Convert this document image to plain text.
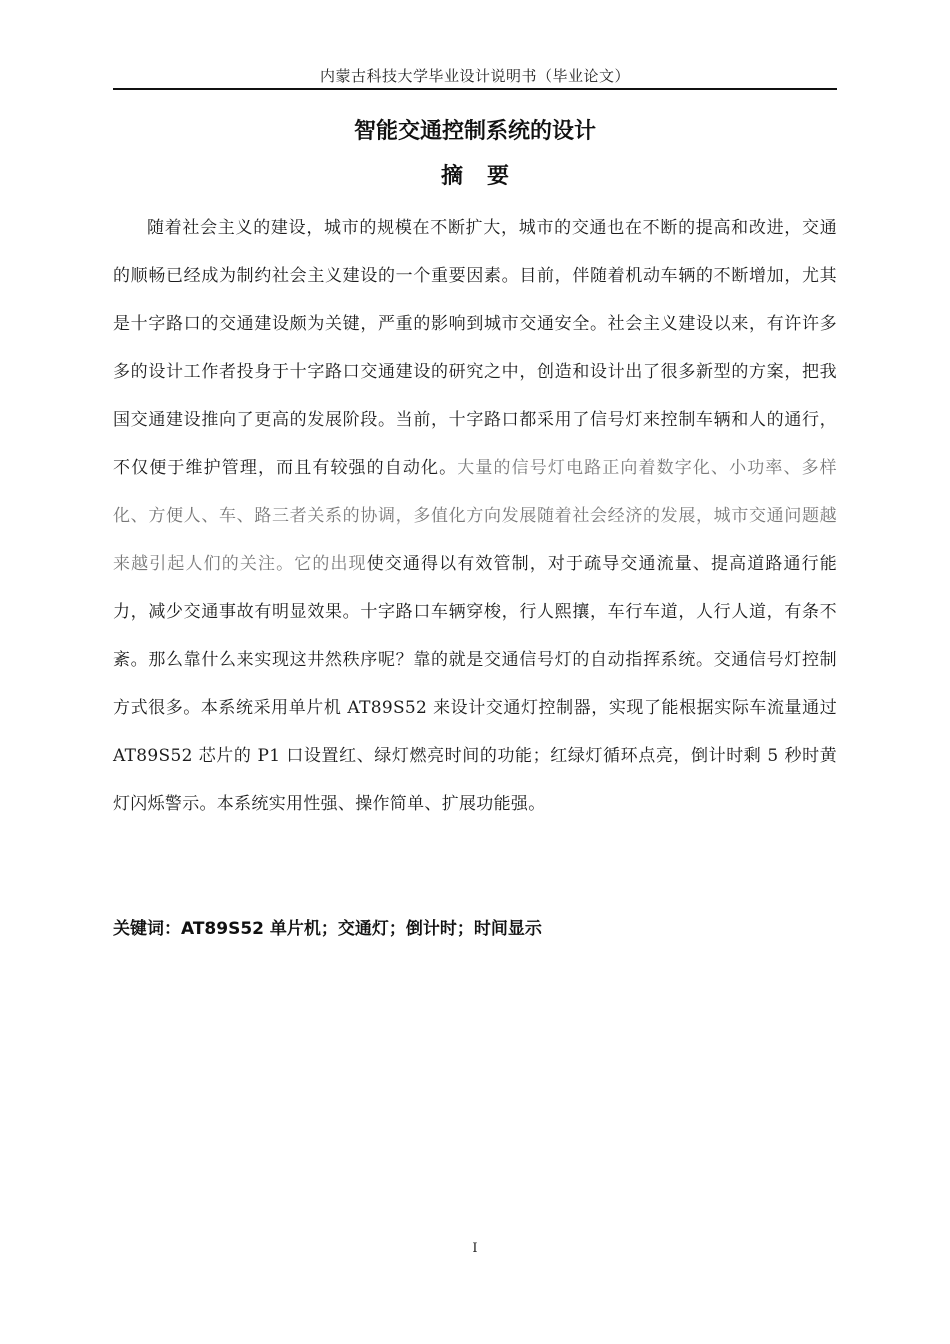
内蒙古科技大学毕业设计说明书（毕业论文）
智能交通控制系统的设计
摘要

随着社会主义的建设，城市的规模在不断扩大，城市的交通也在不断的提高和改进，交通的顺畅已经成为制约社会主义建设的一个重要因素。目前，伴随着机动车辆的不断增加，尤其是十字路口的交通建设颇为关键，严重的影响到城市交通安全。社会主义建设以来，有许许多多的设计工作者投身于十字路口交通建设的研究之中，创造和设计出了很多新型的方案，把我国交通建设推向了更高的发展阶段。当前，十字路口都采用了信号灯来控制车辆和人的通行，不仅便于维护管理，而且有较强的自动化。大量的信号灯电路正向着数字化、小功率、多样化、方便人、车、路三者关系的协调，多值化方向发展随着社会经济的发展，城市交通问题越来越引起人们的关注。它的出现使交通得以有效管制，对于疏导交通流量、提高道路通行能力，减少交通事故有明显效果。十字路口车辆穿梭，行人熙攘，车行车道，人行人道，有条不紊。那么靠什么来实现这井然秩序呢？靠的就是交通信号灯的自动指挥系统。交通信号灯控制方式很多。本系统采用单片机 AT89S52 来设计交通灯控制器，实现了能根据实际车流量通过 AT89S52 芯片的 P1 口设置红、绿灯燃亮时间的功能；红绿灯循环点亮，倒计时剩 5 秒时黄灯闪烁警示。本系统实用性强、操作简单、扩展功能强。

关键词：AT89S52 单片机；交通灯；倒计时；时间显示
I
